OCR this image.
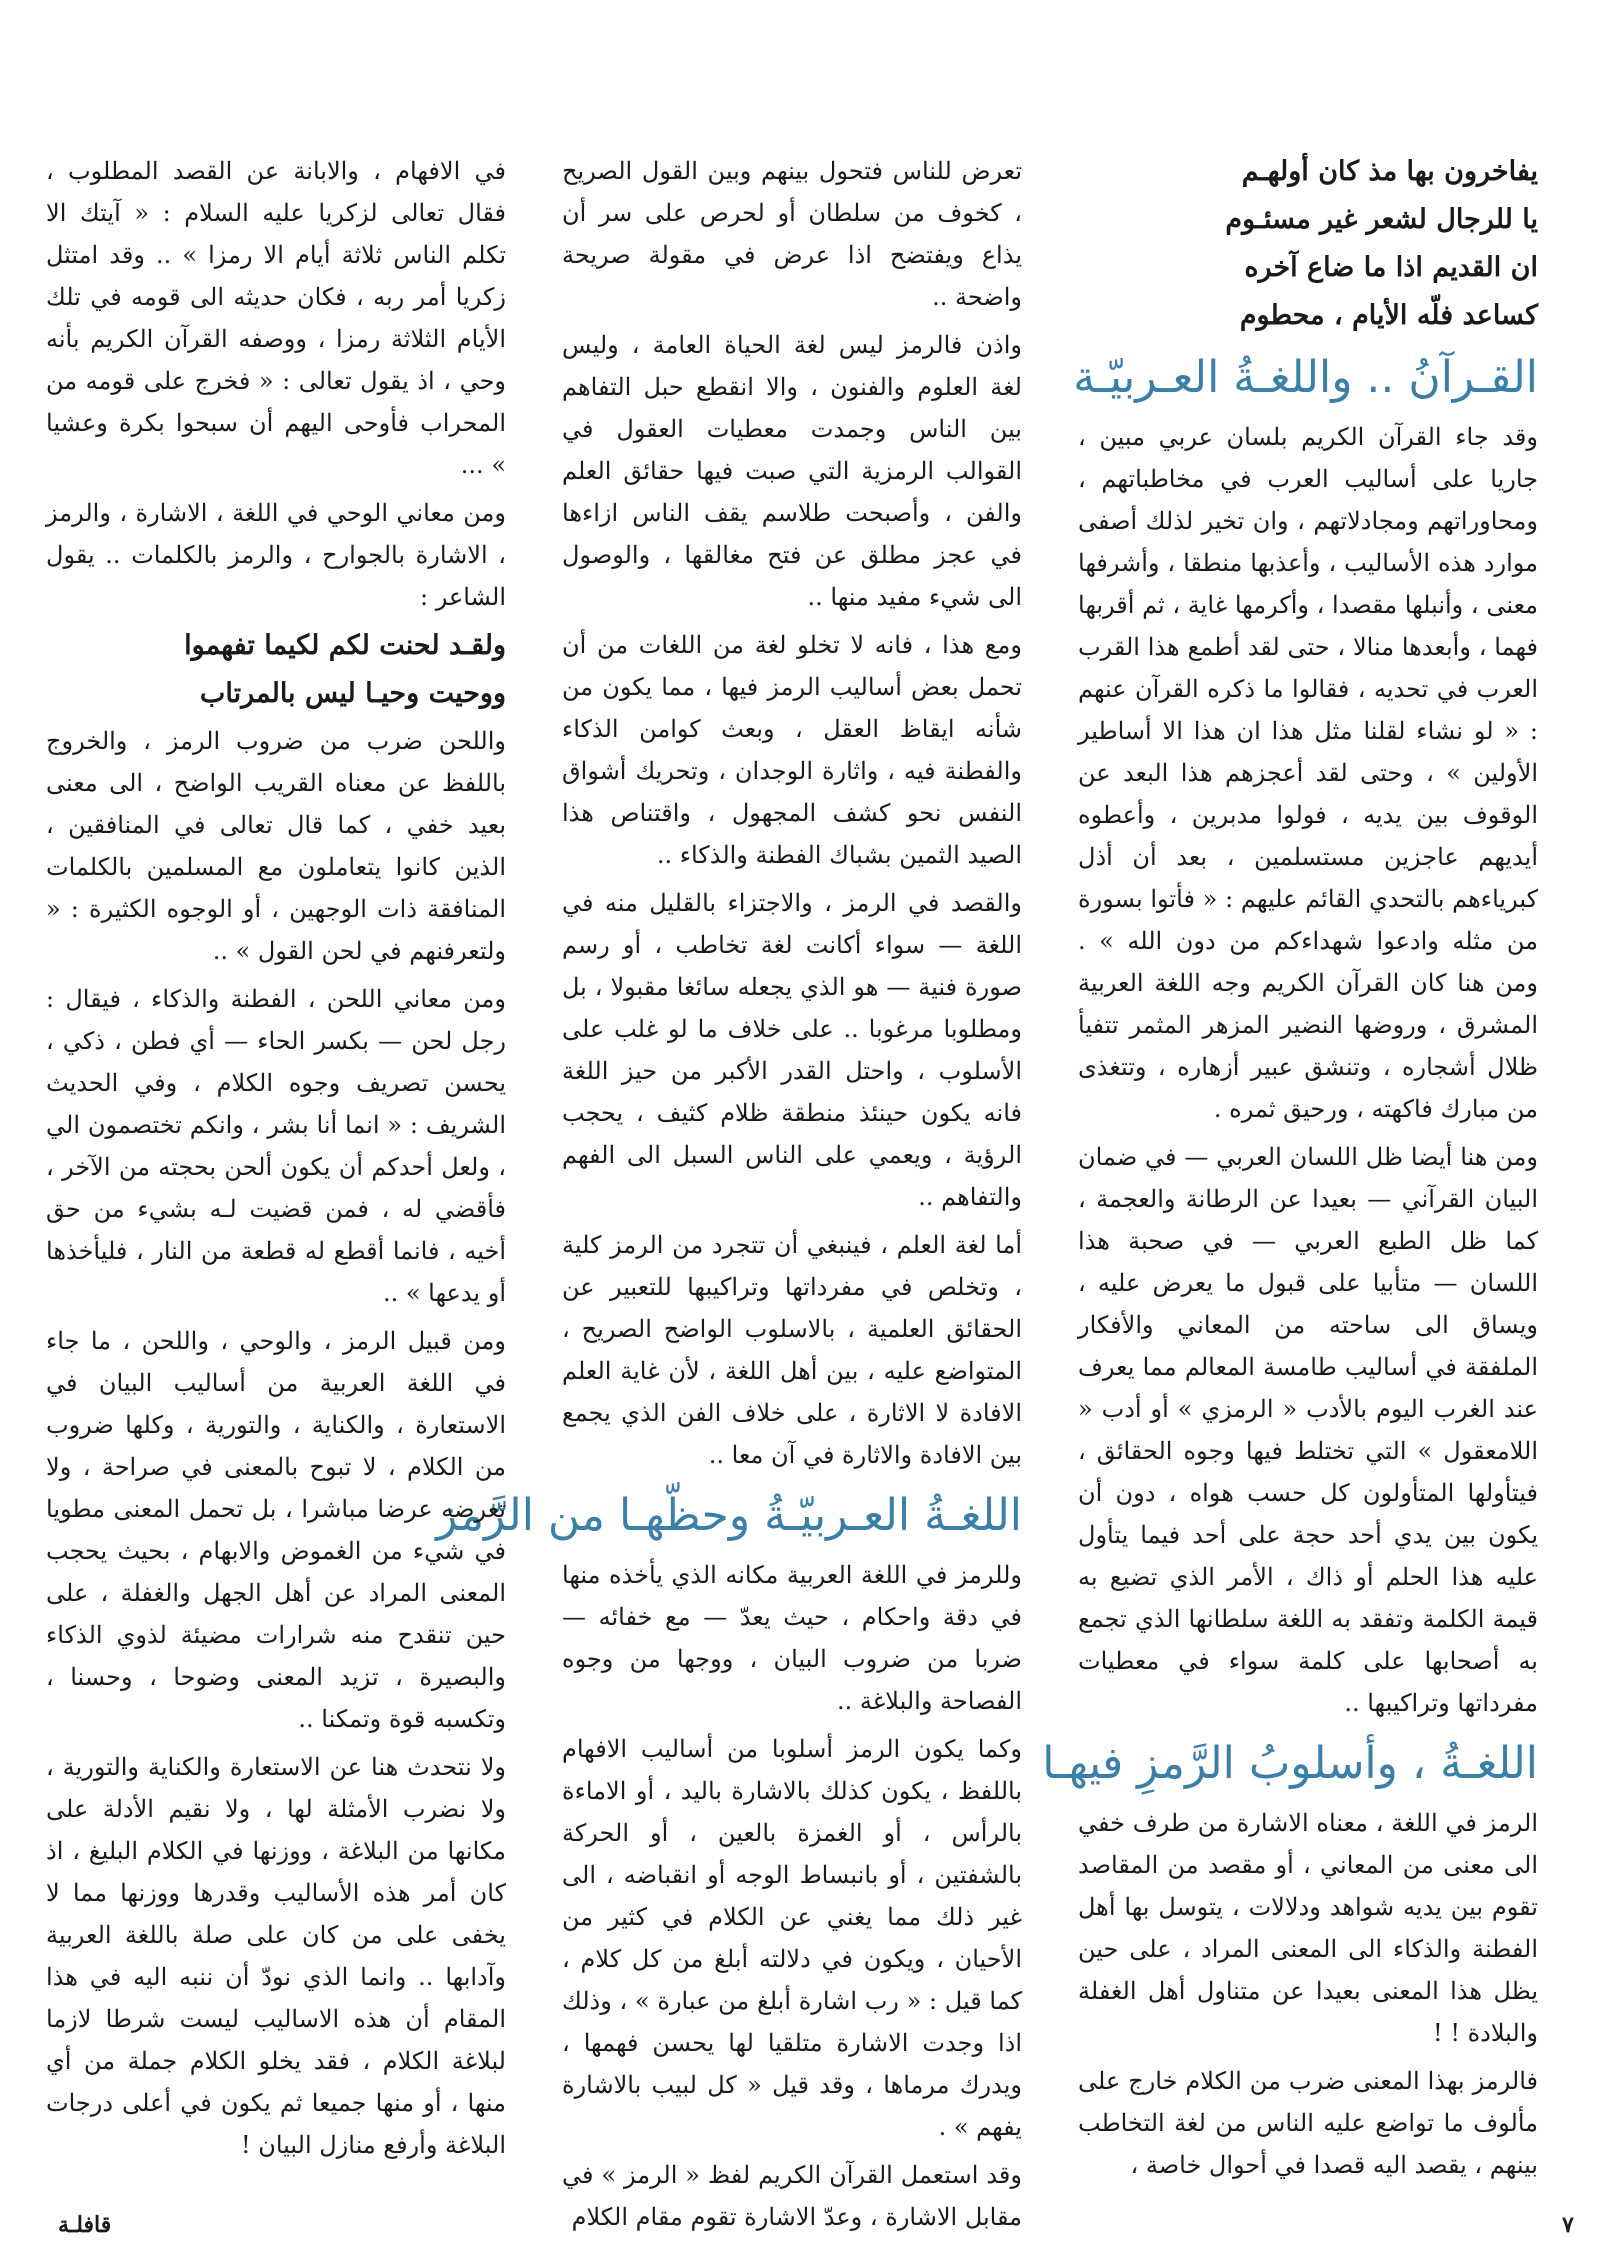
يفاخرون بها مذ كان أولهـم
يا للرجال لشعر غير مسئـوم
ان القديم اذا ما ضاع آخره
كساعد فلّه الأيام ، محطوم
القـرآنُ .. واللغـةُ العـربيّـة

وقد جاء القرآن الكريم بلسان عربي مبين ، جاريا على أساليب العرب في مخاطباتهم ، ومحاوراتهم ومجادلاتهم ، وان تخير لذلك أصفى موارد هذه الأساليب ، وأعذبها منطقا ، وأشرفها معنى ، وأنبلها مقصدا ، وأكرمها غاية ، ثم أقربها فهما ، وأبعدها منالا ، حتى لقد أطمع هذا القرب العرب في تحديه ، فقالوا ما ذكره القرآن عنهم : « لو نشاء لقلنا مثل هذا ان هذا الا أساطير الأولين » ، وحتى لقد أعجزهم هذا البعد عن الوقوف بين يديه ، فولوا مدبرين ، وأعطوه أيديهم عاجزين مستسلمين ، بعد أن أذل كبرياءهم بالتحدي القائم عليهم : « فأتوا بسورة من مثله وادعوا شهداءكم من دون الله » . ومن هنا كان القرآن الكريم وجه اللغة العربية المشرق ، وروضها النضير المزهر المثمر تتفيأ ظلال أشجاره ، وتنشق عبير أزهاره ، وتتغذى من مبارك فاكهته ، ورحيق ثمره .

ومن هنا أيضا ظل اللسان العربي — في ضمان البيان القرآني — بعيدا عن الرطانة والعجمة ، كما ظل الطبع العربي — في صحبة هذا اللسان — متأبيا على قبول ما يعرض عليه ، ويساق الى ساحته من المعاني والأفكار الملفقة في أساليب طامسة المعالم مما يعرف عند الغرب اليوم بالأدب « الرمزي » أو أدب « اللامعقول » التي تختلط فيها وجوه الحقائق ، فيتأولها المتأولون كل حسب هواه ، دون أن يكون بين يدي أحد حجة على أحد فيما يتأول عليه هذا الحلم أو ذاك ، الأمر الذي تضيع به قيمة الكلمة وتفقد به اللغة سلطانها الذي تجمع به أصحابها على كلمة سواء في معطيات مفرداتها وتراكيبها ..

اللغـةُ ، وأسلوبُ الرَّمزِ فيهـا

الرمز في اللغة ، معناه الاشارة من طرف خفي الى معنى من المعاني ، أو مقصد من المقاصد تقوم بين يديه شواهد ودلالات ، يتوسل بها أهل الفطنة والذكاء الى المعنى المراد ، على حين يظل هذا المعنى بعيدا عن متناول أهل الغفلة والبلادة ! !

فالرمز بهذا المعنى ضرب من الكلام خارج على مألوف ما تواضع عليه الناس من لغة التخاطب بينهم ، يقصد اليه قصدا في أحوال خاصة ،

تعرض للناس فتحول بينهم وبين القول الصريح ، كخوف من سلطان أو لحرص على سر أن يذاع ويفتضح اذا عرض في مقولة صريحة واضحة ..

واذن فالرمز ليس لغة الحياة العامة ، وليس لغة العلوم والفنون ، والا انقطع حبل التفاهم بين الناس وجمدت معطيات العقول في القوالب الرمزية التي صبت فيها حقائق العلم والفن ، وأصبحت طلاسم يقف الناس ازاءها في عجز مطلق عن فتح مغالقها ، والوصول الى شيء مفيد منها ..

ومع هذا ، فانه لا تخلو لغة من اللغات من أن تحمل بعض أساليب الرمز فيها ، مما يكون من شأنه ايقاظ العقل ، وبعث كوامن الذكاء والفطنة فيه ، واثارة الوجدان ، وتحريك أشواق النفس نحو كشف المجهول ، واقتناص هذا الصيد الثمين بشباك الفطنة والذكاء ..

والقصد في الرمز ، والاجتزاء بالقليل منه في اللغة — سواء أكانت لغة تخاطب ، أو رسم صورة فنية — هو الذي يجعله سائغا مقبولا ، بل ومطلوبا مرغوبا .. على خلاف ما لو غلب على الأسلوب ، واحتل القدر الأكبر من حيز اللغة فانه يكون حينئذ منطقة ظلام كثيف ، يحجب الرؤية ، ويعمي على الناس السبل الى الفهم والتفاهم ..

أما لغة العلم ، فينبغي أن تتجرد من الرمز كلية ، وتخلص في مفرداتها وتراكيبها للتعبير عن الحقائق العلمية ، بالاسلوب الواضح الصريح ، المتواضع عليه ، بين أهل اللغة ، لأن غاية العلم الافادة لا الاثارة ، على خلاف الفن الذي يجمع بين الافادة والاثارة في آن معا ..

اللغـةُ العـربيّـةُ وحظّهـا من الرَّمز

وللرمز في اللغة العربية مكانه الذي يأخذه منها في دقة واحكام ، حيث يعدّ — مع خفائه — ضربا من ضروب البيان ، ووجها من وجوه الفصاحة والبلاغة ..

وكما يكون الرمز أسلوبا من أساليب الافهام باللفظ ، يكون كذلك بالاشارة باليد ، أو الاماءة بالرأس ، أو الغمزة بالعين ، أو الحركة بالشفتين ، أو بانبساط الوجه أو انقباضه ، الى غير ذلك مما يغني عن الكلام في كثير من الأحيان ، ويكون في دلالته أبلغ من كل كلام ، كما قيل : « رب اشارة أبلغ من عبارة » ، وذلك اذا وجدت الاشارة متلقيا لها يحسن فهمها ، ويدرك مرماها ، وقد قيل « كل لبيب بالاشارة يفهم » .

وقد استعمل القرآن الكريم لفظ « الرمز » في مقابل الاشارة ، وعدّ الاشارة تقوم مقام الكلام

في الافهام ، والابانة عن القصد المطلوب ، فقال تعالى لزكريا عليه السلام : « آيتك الا تكلم الناس ثلاثة أيام الا رمزا » .. وقد امتثل زكريا أمر ربه ، فكان حديثه الى قومه في تلك الأيام الثلاثة رمزا ، ووصفه القرآن الكريم بأنه وحي ، اذ يقول تعالى : « فخرج على قومه من المحراب فأوحى اليهم أن سبحوا بكرة وعشيا » ...

ومن معاني الوحي في اللغة ، الاشارة ، والرمز ، الاشارة بالجوارح ، والرمز بالكلمات .. يقول الشاعر :

ولقـد لحنت لكم لكيما تفهموا
ووحيت وحيـا ليس بالمرتاب

واللحن ضرب من ضروب الرمز ، والخروج باللفظ عن معناه القريب الواضح ، الى معنى بعيد خفي ، كما قال تعالى في المنافقين ، الذين كانوا يتعاملون مع المسلمين بالكلمات المنافقة ذات الوجهين ، أو الوجوه الكثيرة : « ولتعرفنهم في لحن القول » ..

ومن معاني اللحن ، الفطنة والذكاء ، فيقال : رجل لحن — بكسر الحاء — أي فطن ، ذكي ، يحسن تصريف وجوه الكلام ، وفي الحديث الشريف : « انما أنا بشر ، وانكم تختصمون الي ، ولعل أحدكم أن يكون ألحن بحجته من الآخر ، فأقضي له ، فمن قضيت لـه بشيء من حق أخيه ، فانما أقطع له قطعة من النار ، فليأخذها أو يدعها » ..

ومن قبيل الرمز ، والوحي ، واللحن ، ما جاء في اللغة العربية من أساليب البيان في الاستعارة ، والكناية ، والتورية ، وكلها ضروب من الكلام ، لا تبوح بالمعنى في صراحة ، ولا تعرضه عرضا مباشرا ، بل تحمل المعنى مطويا في شيء من الغموض والابهام ، بحيث يحجب المعنى المراد عن أهل الجهل والغفلة ، على حين تنقدح منه شرارات مضيئة لذوي الذكاء والبصيرة ، تزيد المعنى وضوحا ، وحسنا ، وتكسبه قوة وتمكنا ..

ولا نتحدث هنا عن الاستعارة والكناية والتورية ، ولا نضرب الأمثلة لها ، ولا نقيم الأدلة على مكانها من البلاغة ، ووزنها في الكلام البليغ ، اذ كان أمر هذه الأساليب وقدرها ووزنها مما لا يخفى على من كان على صلة باللغة العربية وآدابها .. وانما الذي نودّ أن ننبه اليه في هذا المقام أن هذه الاساليب ليست شرطا لازما لبلاغة الكلام ، فقد يخلو الكلام جملة من أي منها ، أو منها جميعا ثم يكون في أعلى درجات البلاغة وأرفع منازل البيان !

قافلـة	٧
